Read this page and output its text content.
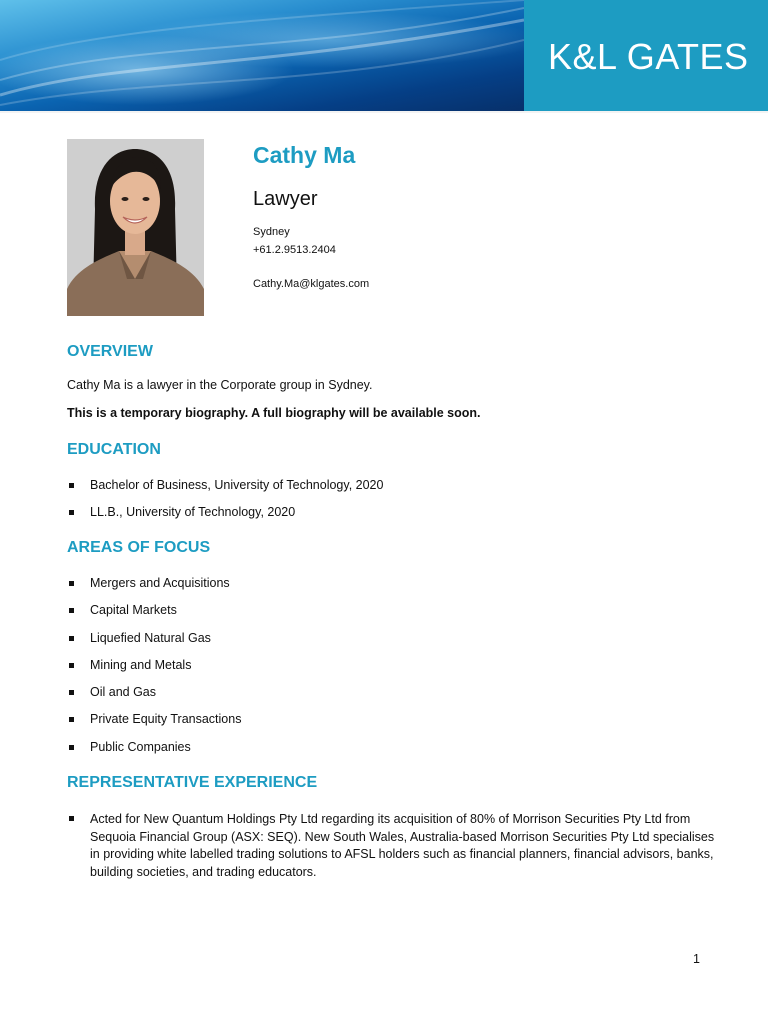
K&L GATES
Cathy Ma
Lawyer
Sydney
+61.2.9513.2404
Cathy.Ma@klgates.com
OVERVIEW
Cathy Ma is a lawyer in the Corporate group in Sydney.
This is a temporary biography. A full biography will be available soon.
EDUCATION
Bachelor of Business, University of Technology, 2020
LL.B., University of Technology, 2020
AREAS OF FOCUS
Mergers and Acquisitions
Capital Markets
Liquefied Natural Gas
Mining and Metals
Oil and Gas
Private Equity Transactions
Public Companies
REPRESENTATIVE EXPERIENCE
Acted for New Quantum Holdings Pty Ltd regarding its acquisition of 80% of Morrison Securities Pty Ltd from Sequoia Financial Group (ASX: SEQ). New South Wales, Australia-based Morrison Securities Pty Ltd specialises in providing white labelled trading solutions to AFSL holders such as financial planners, financial advisors, banks, building societies, and trading educators.
1
